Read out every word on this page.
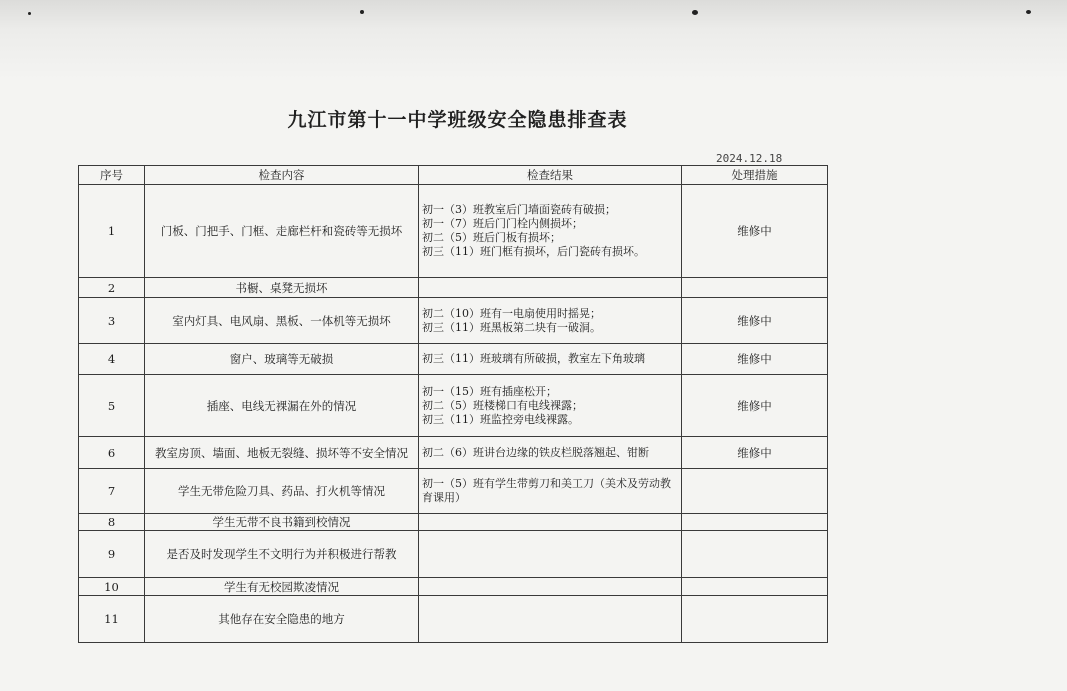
九江市第十一中学班级安全隐患排查表
2024.12.18
序号	检查内容	检查结果	处理措施
1	门板、门把手、门框、走廊栏杆和瓷砖等无损坏	初一（3）班教室后门墙面瓷砖有破损；
初一（7）班后门门栓内侧损坏；
初二（5）班后门板有损坏；
初三（11）班门框有损坏，后门瓷砖有损坏。	维修中
2	书橱、桌凳无损坏		
3	室内灯具、电风扇、黑板、一体机等无损坏	初二（10）班有一电扇使用时摇晃；
初三（11）班黑板第二块有一破洞。	维修中
4	窗户、玻璃等无破损	初三（11）班玻璃有所破损，教室左下角玻璃	维修中
5	插座、电线无裸漏在外的情况	初一（15）班有插座松开；
初二（5）班楼梯口有电线裸露；
初三（11）班监控旁电线裸露。	维修中
6	教室房顶、墙面、地板无裂缝、损坏等不安全情况	初二（6）班讲台边缘的铁皮栏脱落翘起、钳断	维修中
7	学生无带危险刀具、药品、打火机等情况	初一（5）班有学生带剪刀和美工刀（美术及劳动教育课用）	
8	学生无带不良书籍到校情况		
9	是否及时发现学生不文明行为并积极进行帮教		
10	学生有无校园欺凌情况		
11	其他存在安全隐患的地方		
